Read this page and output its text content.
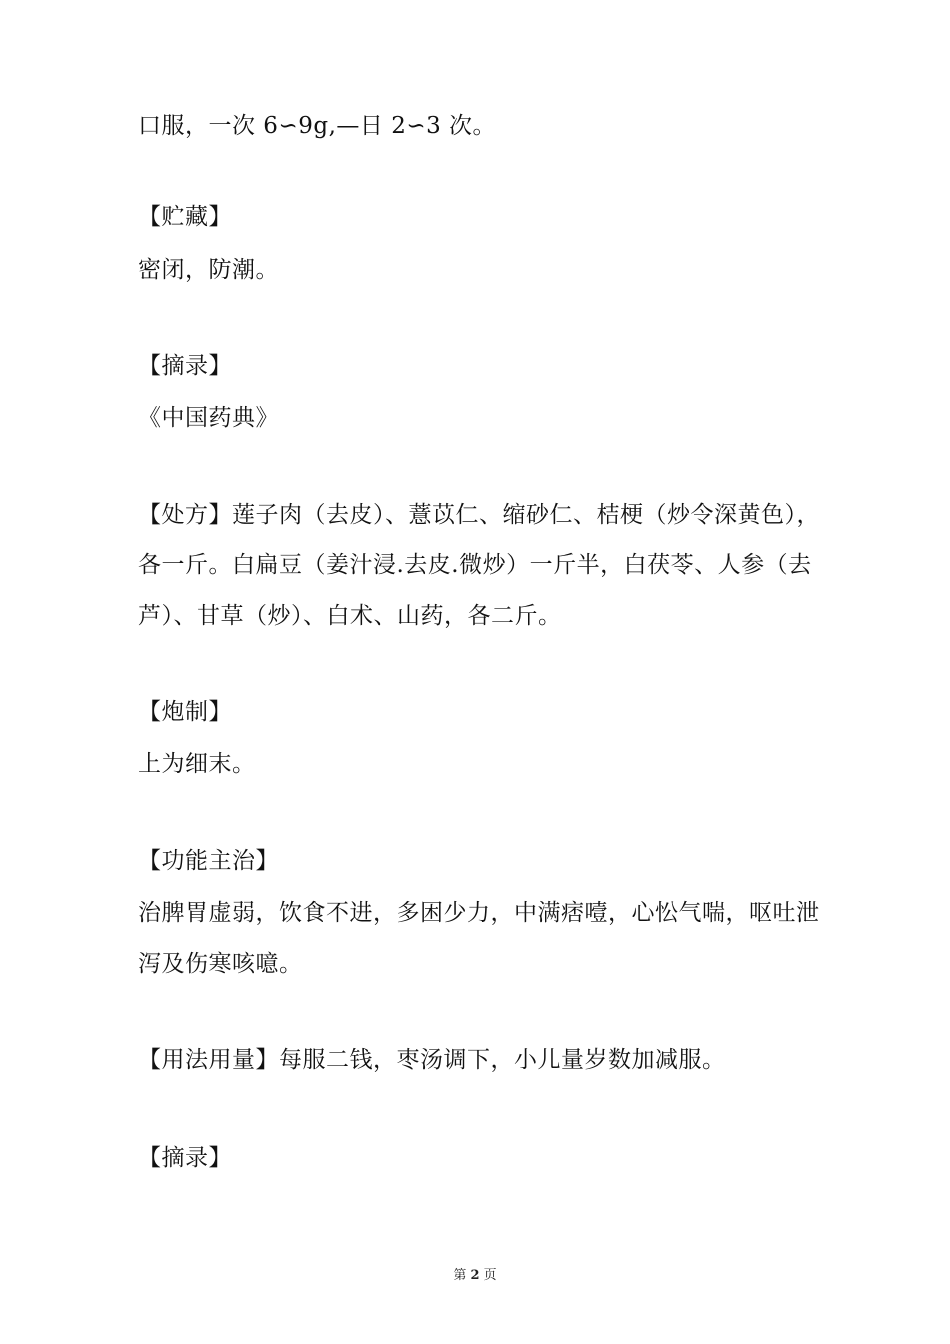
口服，一次 6∽9g,—日 2∽3 次。
【贮藏】
密闭，防潮。
【摘录】
《中国药典》
【处方】莲子肉（去皮）、薏苡仁、缩砂仁、桔梗（炒令深黄色），
各一斤。白扁豆（姜汁浸.去皮.微炒）一斤半，白茯苓、人参（去
芦）、甘草（炒）、白术、山药，各二斤。
【炮制】
上为细末。
【功能主治】
治脾胃虚弱，饮食不进，多困少力，中满痞噎，心忪气喘，呕吐泄
泻及伤寒咳噫。
【用法用量】每服二钱，枣汤调下，小儿量岁数加减服。
【摘录】
第 2 页
